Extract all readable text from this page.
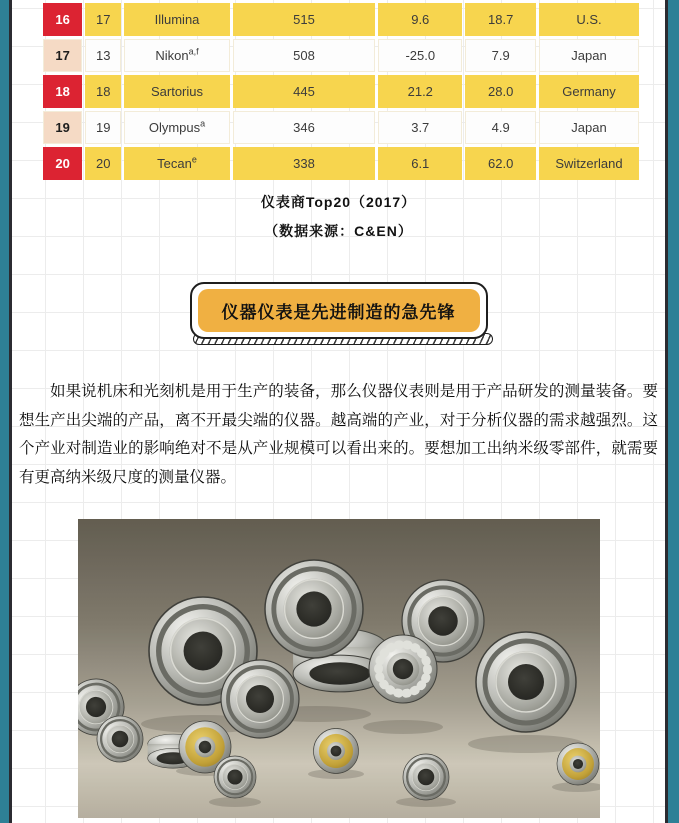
16	17	Illumina	515	9.6	18.7	U.S.
17	13	Nikon$^{a,f}$	508	-25.0	7.9	Japan
18	18	Sartorius	445	21.2	28.0	Germany
19	19	Olympus$^a$	346	3.7	4.9	Japan
20	20	Tecan$^e$	338	6.1	62.0	Switzerland
仪表商Top20（2017）
（数据来源：C&EN）
仪器仪表是先进制造的急先锋

如果说机床和光刻机是用于生产的装备，那么仪器仪表则是用于产品研发的测量装备。要想生产出尖端的产品，离不开最尖端的仪器。越高端的产业，对于分析仪器的需求越强烈。这个产业对制造业的影响绝对不是从产业规模可以看出来的。要想加工出纳米级零部件，就需要有更高纳米级尺度的测量仪器。
